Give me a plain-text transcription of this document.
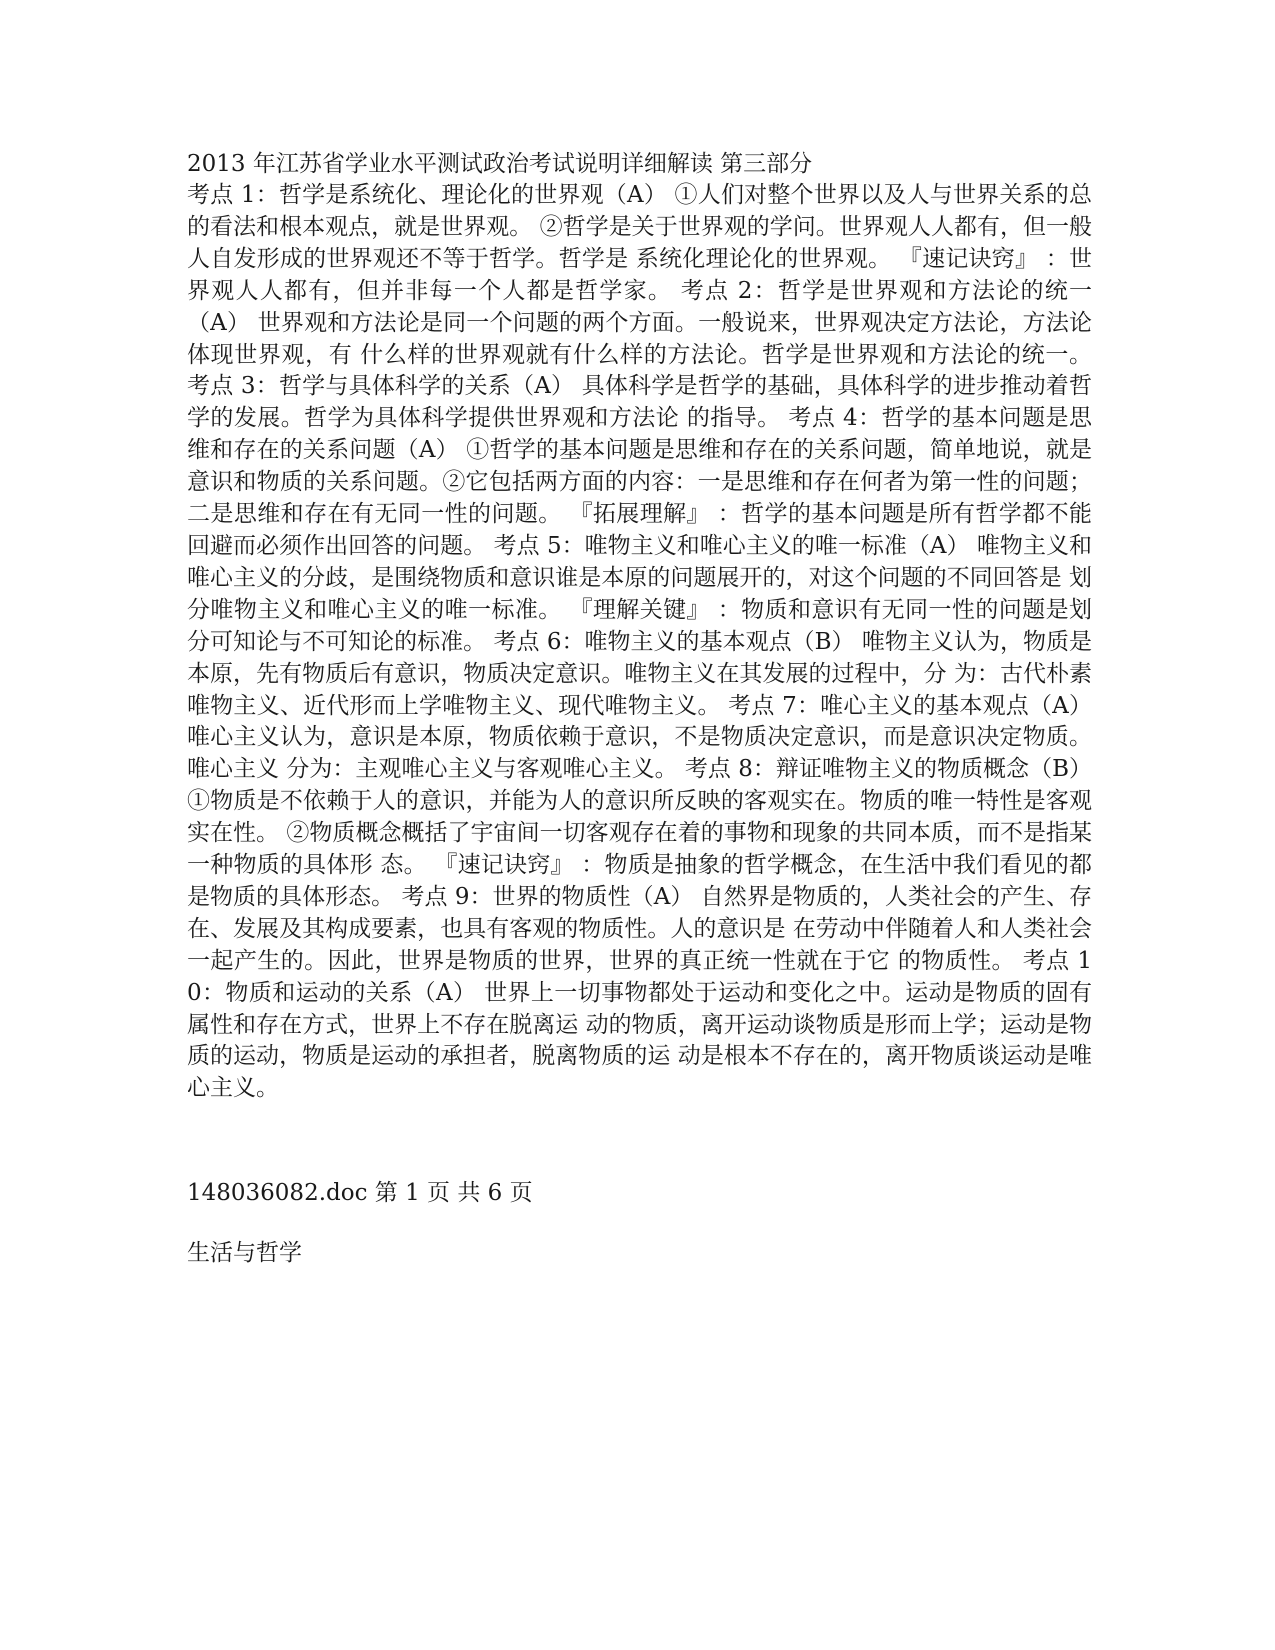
2013 年江苏省学业水平测试政治考试说明详细解读 第三部分
考点 1：哲学是系统化、理论化的世界观（A） ①人们对整个世界以及人与世界关系的总的看法和根本观点，就是世界观。 ②哲学是关于世界观的学问。世界观人人都有，但一般人自发形成的世界观还不等于哲学。哲学是 系统化理论化的世界观。 『速记诀窍』 ：世界观人人都有，但并非每一个人都是哲学家。 考点 2：哲学是世界观和方法论的统一（A） 世界观和方法论是同一个问题的两个方面。一般说来，世界观决定方法论，方法论体现世界观，有 什么样的世界观就有什么样的方法论。哲学是世界观和方法论的统一。 考点 3：哲学与具体科学的关系（A） 具体科学是哲学的基础，具体科学的进步推动着哲学的发展。哲学为具体科学提供世界观和方法论 的指导。 考点 4：哲学的基本问题是思维和存在的关系问题（A） ①哲学的基本问题是思维和存在的关系问题，简单地说，就是意识和物质的关系问题。②它包括两方面的内容：一是思维和存在何者为第一性的问题；二是思维和存在有无同一性的问题。 『拓展理解』 ：哲学的基本问题是所有哲学都不能回避而必须作出回答的问题。 考点 5：唯物主义和唯心主义的唯一标准（A） 唯物主义和唯心主义的分歧，是围绕物质和意识谁是本原的问题展开的，对这个问题的不同回答是 划分唯物主义和唯心主义的唯一标准。 『理解关键』 ：物质和意识有无同一性的问题是划分可知论与不可知论的标准。 考点 6：唯物主义的基本观点（B） 唯物主义认为，物质是本原，先有物质后有意识，物质决定意识。唯物主义在其发展的过程中，分 为：古代朴素唯物主义、近代形而上学唯物主义、现代唯物主义。 考点 7：唯心主义的基本观点（A） 唯心主义认为，意识是本原，物质依赖于意识，不是物质决定意识，而是意识决定物质。唯心主义 分为：主观唯心主义与客观唯心主义。 考点 8：辩证唯物主义的物质概念（B） ①物质是不依赖于人的意识，并能为人的意识所反映的客观实在。物质的唯一特性是客观实在性。 ②物质概念概括了宇宙间一切客观存在着的事物和现象的共同本质，而不是指某一种物质的具体形 态。 『速记诀窍』 ：物质是抽象的哲学概念，在生活中我们看见的都是物质的具体形态。 考点 9：世界的物质性（A） 自然界是物质的，人类社会的产生、存在、发展及其构成要素，也具有客观的物质性。人的意识是 在劳动中伴随着人和人类社会一起产生的。因此，世界是物质的世界，世界的真正统一性就在于它 的物质性。 考点 10：物质和运动的关系（A） 世界上一切事物都处于运动和变化之中。运动是物质的固有属性和存在方式，世界上不存在脱离运 动的物质，离开运动谈物质是形而上学；运动是物质的运动，物质是运动的承担者，脱离物质的运 动是根本不存在的，离开物质谈运动是唯心主义。
148036082.doc 第 1 页 共 6 页
生活与哲学
